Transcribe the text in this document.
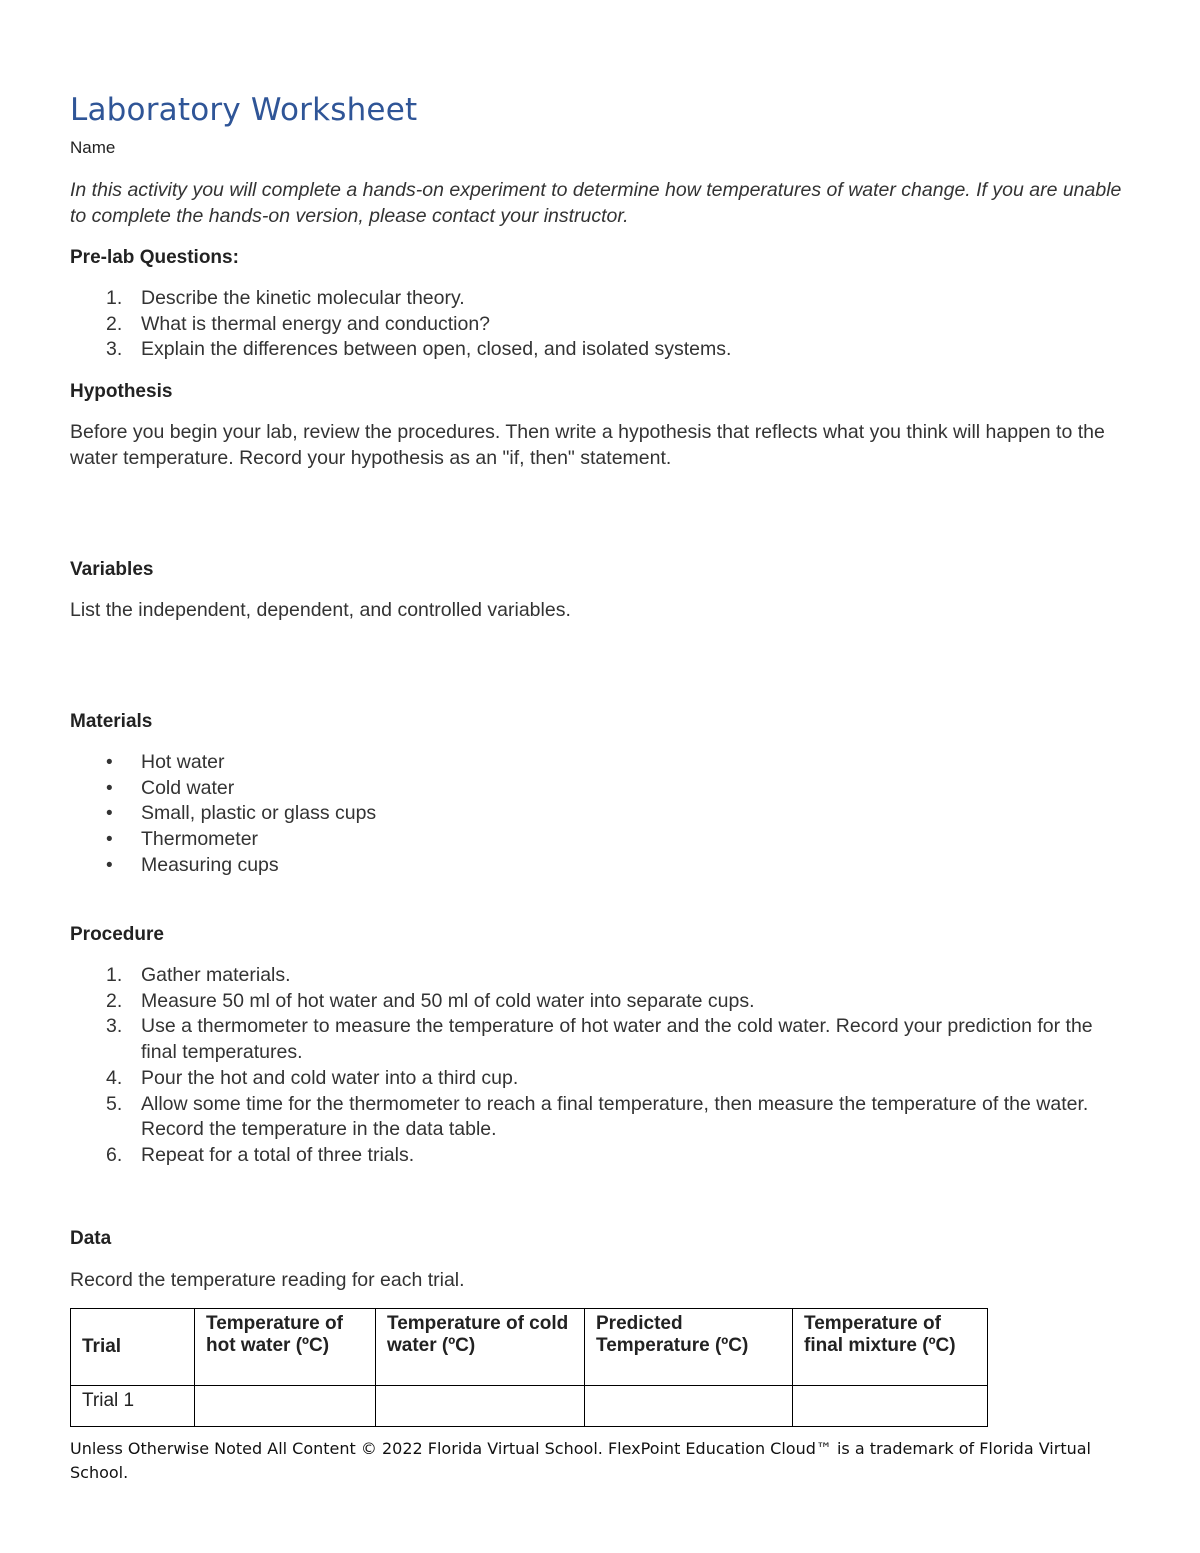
Laboratory Worksheet
Name
In this activity you will complete a hands-on experiment to determine how temperatures of water change. If you are unable to complete the hands-on version, please contact your instructor.
Pre-lab Questions:
1. Describe the kinetic molecular theory.
2. What is thermal energy and conduction?
3. Explain the differences between open, closed, and isolated systems.
Hypothesis
Before you begin your lab, review the procedures. Then write a hypothesis that reflects what you think will happen to the water temperature. Record your hypothesis as an "if, then" statement.
Variables
List the independent, dependent, and controlled variables.
Materials
• Hot water
• Cold water
• Small, plastic or glass cups
• Thermometer
• Measuring cups
Procedure
1. Gather materials.
2. Measure 50 ml of hot water and 50 ml of cold water into separate cups.
3. Use a thermometer to measure the temperature of hot water and the cold water. Record your prediction for the final temperatures.
4. Pour the hot and cold water into a third cup.
5. Allow some time for the thermometer to reach a final temperature, then measure the temperature of the water. Record the temperature in the data table.
6. Repeat for a total of three trials.
Data
Record the temperature reading for each trial.
Trial	Temperature of hot water (ºC)	Temperature of cold water (ºC)	Predicted Temperature (ºC)	Temperature of final mixture (ºC)
Trial 1				
Unless Otherwise Noted All Content © 2022 Florida Virtual School. FlexPoint Education Cloud™ is a trademark of Florida Virtual School.
